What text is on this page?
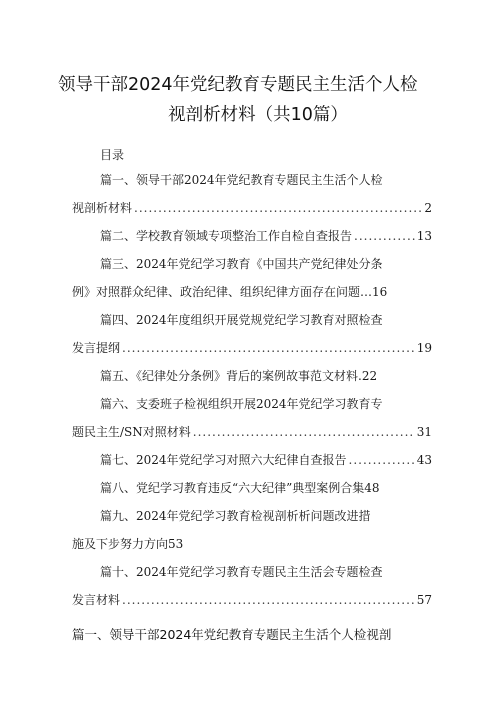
领导干部2024年党纪教育专题民主生活个人检
视剖析材料（共10篇）
目录
篇一、领导干部2024年党纪教育专题民主生活个人检
视剖析材料 .....	2
篇二、学校教育领域专项整治工作自检自查报告 .....	13
篇三、2024年党纪学习教育《中国共产党纪律处分条
例》对照群众纪律、政治纪律、组织纪律方面存在问题… 16
篇四、2024年度组织开展党规党纪学习教育对照检查
发言提纲 .....	19
篇五、《纪律处分条例》背后的案例故事范文材料 . 22
篇六、支委班子检视组织开展2024年党纪学习教育专
题民主生/SN对照材料 .....	31
篇七、2024年党纪学习对照六大纪律自查报告 .....	43
篇八、党纪学习教育违反“六大纪律”典型案例合集 48
篇九、2024年党纪学习教育检视剖析析问题改进措
施及下步努力方向 53
篇十、2024年党纪学习教育专题民主生活会专题检查
发言材料 .....	57
篇一、领导干部2024年党纪教育专题民主生活个人检视剖
